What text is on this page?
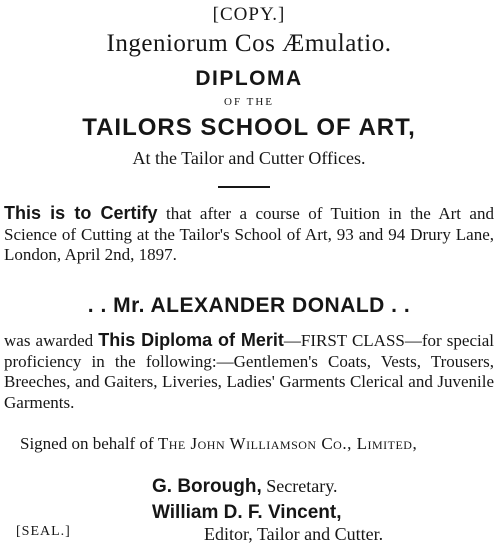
[COPY.]
Ingeniorum Cos Æmulatio.
DIPLOMA
OF THE
TAILORS SCHOOL OF ART,
At the Tailor and Cutter Offices.
This is to Certify that after a course of Tuition in the Art and Science of Cutting at the Tailor's School of Art, 93 and 94 Drury Lane, London, April 2nd, 1897.
. . Mr. ALEXANDER DONALD . .
was awarded This Diploma of Merit—FIRST CLASS—for special proficiency in the following:—Gentlemen's Coats, Vests, Trousers, Breeches, and Gaiters, Liveries, Ladies' Garments Clerical and Juvenile Garments.
Signed on behalf of The John Williamson Co., Limited,
G. Borough, Secretary.
William D. F. Vincent,
Editor, Tailor and Cutter.
[SEAL.]
